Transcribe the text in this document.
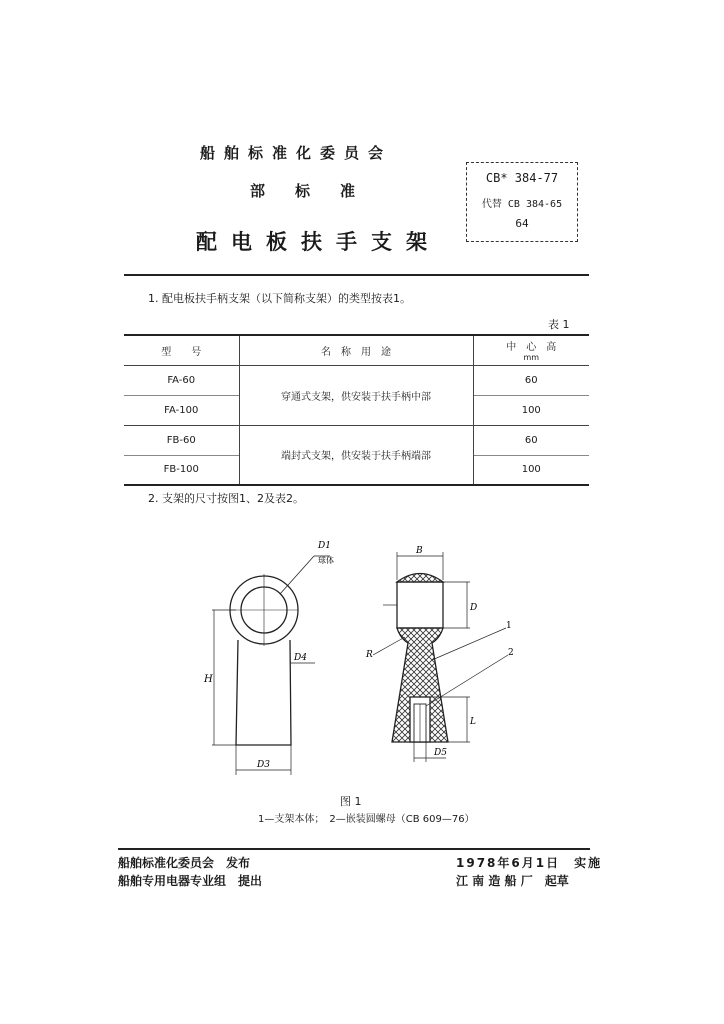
船舶标准化委员会
部标准
配电板扶手支架
CB* 384-77
代替 CB 384-65
64
1. 配电板扶手柄支架（以下简称支架）的类型按表1。
表 1
型　　号	名　称　用　途	中　心　高
mm

FA-60	穿通式支架，供安装于扶手柄中部	60
FA-100		100
FB-60	端封式支架，供安装于扶手柄端部	60
FB-100		100
2. 支架的尺寸按图1、2及表2。
D1
球体
D4
H
D3
B
D
R
1
2
L
D5
图 1
1—支架本体；　2—嵌装圆螺母（CB 609—76）
船舶标准化委员会　发布
船舶专用电器专业组　提出
1978年6月1日　实施
江 南 造 船 厂　起草
